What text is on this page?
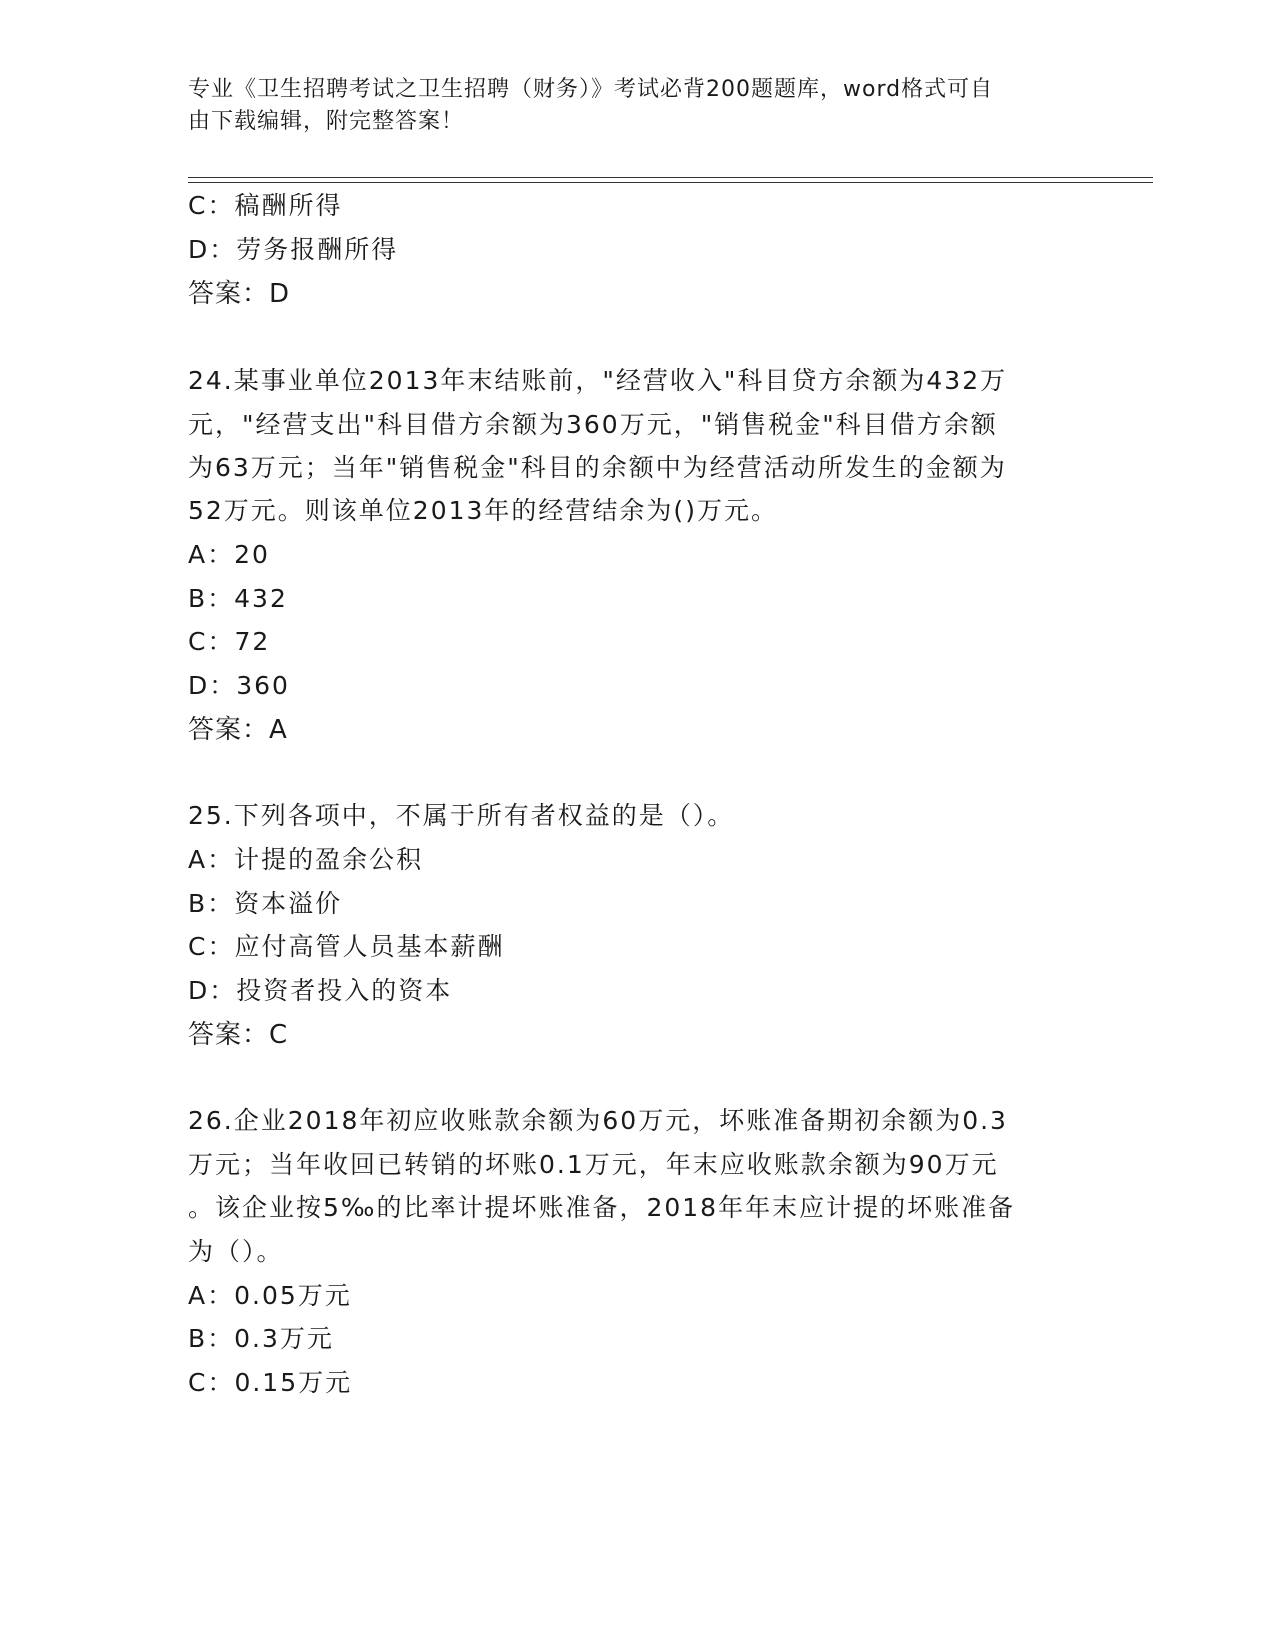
专业《卫生招聘考试之卫生招聘（财务）》考试必背200题题库，word格式可自
由下载编辑，附完整答案！
C：稿酬所得
D：劳务报酬所得
答案：D
24.某事业单位2013年末结账前，"经营收入"科目贷方余额为432万
元，"经营支出"科目借方余额为360万元，"销售税金"科目借方余额
为63万元；当年"销售税金"科目的余额中为经营活动所发生的金额为
52万元。则该单位2013年的经营结余为()万元。
A：20
B：432
C：72
D：360
答案：A
25.下列各项中，不属于所有者权益的是（）。
A：计提的盈余公积
B：资本溢价
C：应付高管人员基本薪酬
D：投资者投入的资本
答案：C
26.企业2018年初应收账款余额为60万元，坏账准备期初余额为0.3
万元；当年收回已转销的坏账0.1万元，年末应收账款余额为90万元
。该企业按5‰的比率计提坏账准备，2018年年末应计提的坏账准备
为（）。
A：0.05万元
B：0.3万元
C：0.15万元
